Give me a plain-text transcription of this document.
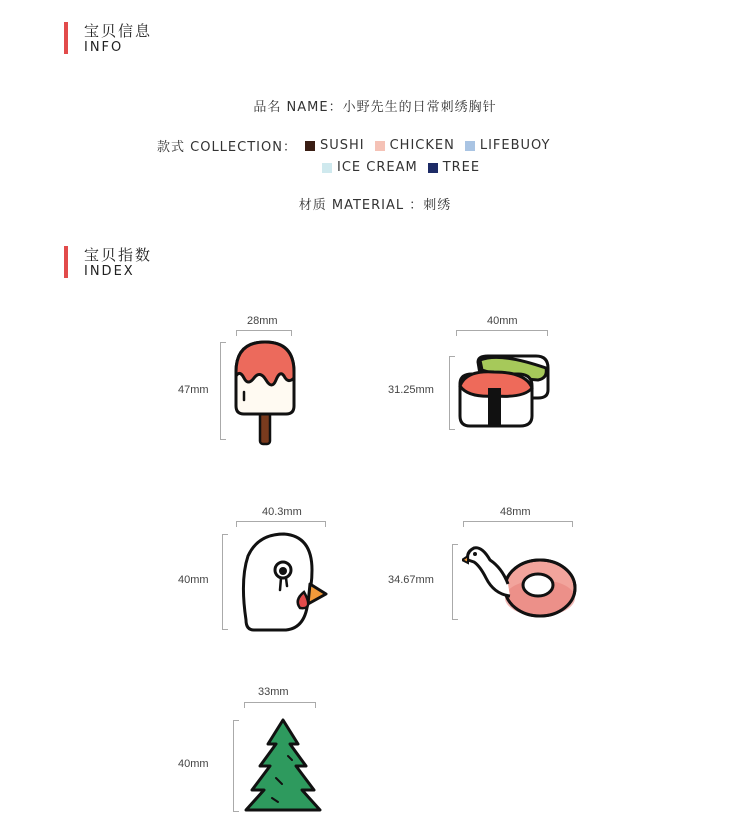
宝贝信息
INFO
品名 NAME：小野先生的日常刺绣胸针
款式 COLLECTION： SUSHI CHICKEN LIFEBUOY
ICE CREAM TREE
材质 MATERIAL ：刺绣
宝贝指数
INDEX
28mm
47mm
40mm
31.25mm
40.3mm
40mm
48mm
34.67mm
33mm
40mm
